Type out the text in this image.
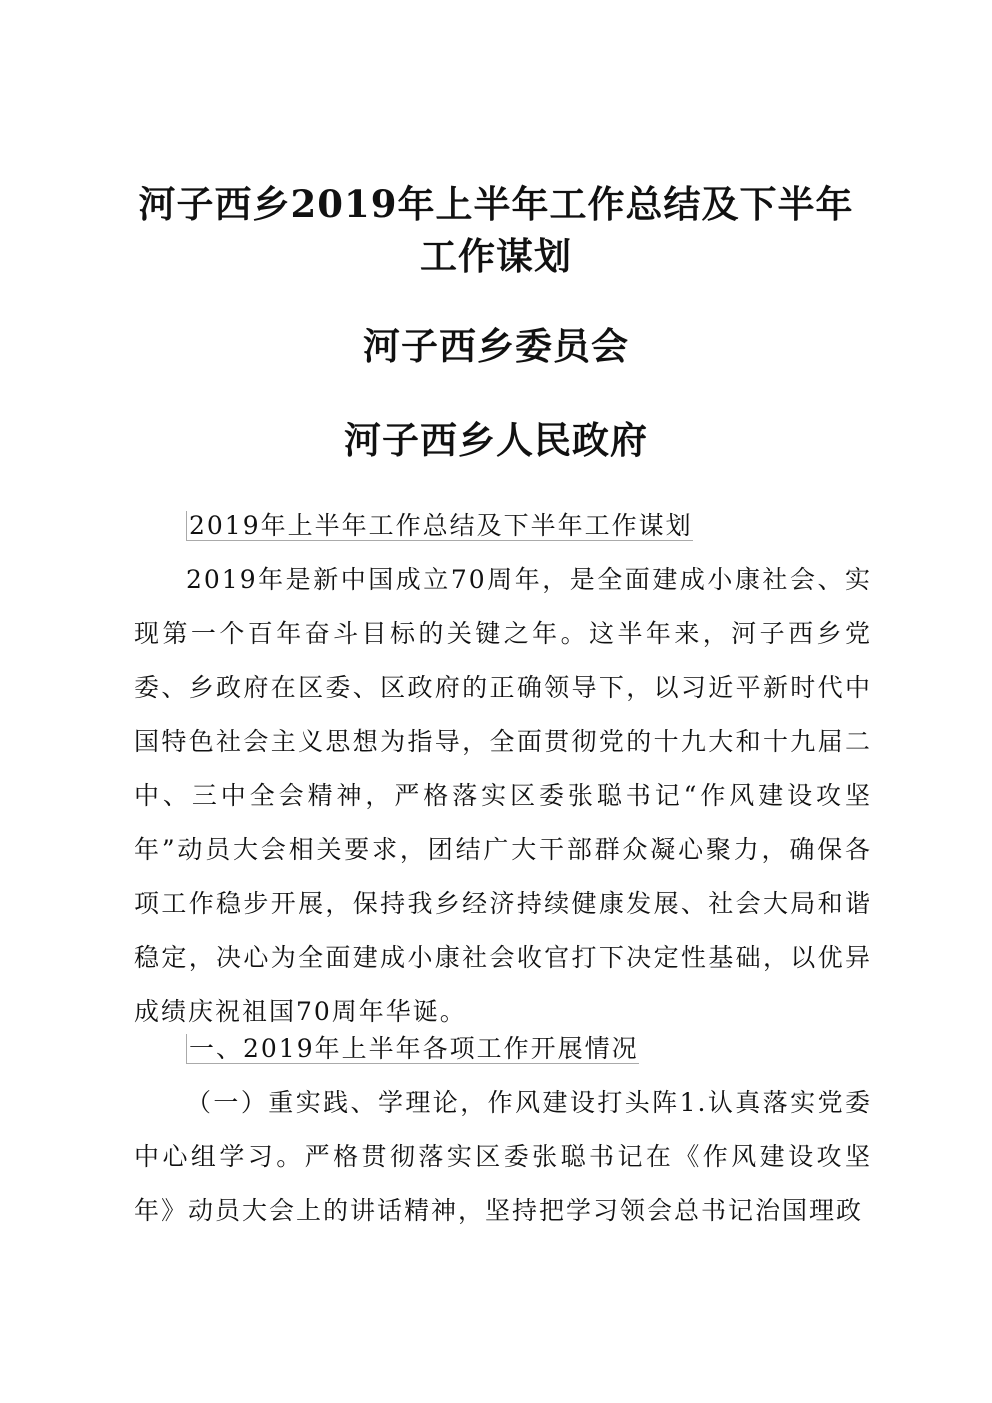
河子西乡2019年上半年工作总结及下半年工作谋划
河子西乡委员会
河子西乡人民政府

2019年上半年工作总结及下半年工作谋划

2019年是新中国成立70周年，是全面建成小康社会、实现第一个百年奋斗目标的关键之年。这半年来，河子西乡党委、乡政府在区委、区政府的正确领导下，以习近平新时代中国特色社会主义思想为指导，全面贯彻党的十九大和十九届二中、三中全会精神，严格落实区委张聪书记“作风建设攻坚年”动员大会相关要求，团结广大干部群众凝心聚力，确保各项工作稳步开展，保持我乡经济持续健康发展、社会大局和谐稳定，决心为全面建成小康社会收官打下决定性基础，以优异成绩庆祝祖国70周年华诞。

一、2019年上半年各项工作开展情况

（一）重实践、学理论，作风建设打头阵1.认真落实党委中心组学习。严格贯彻落实区委张聪书记在《作风建设攻坚年》动员大会上的讲话精神，坚持把学习领会总书记治国理政
